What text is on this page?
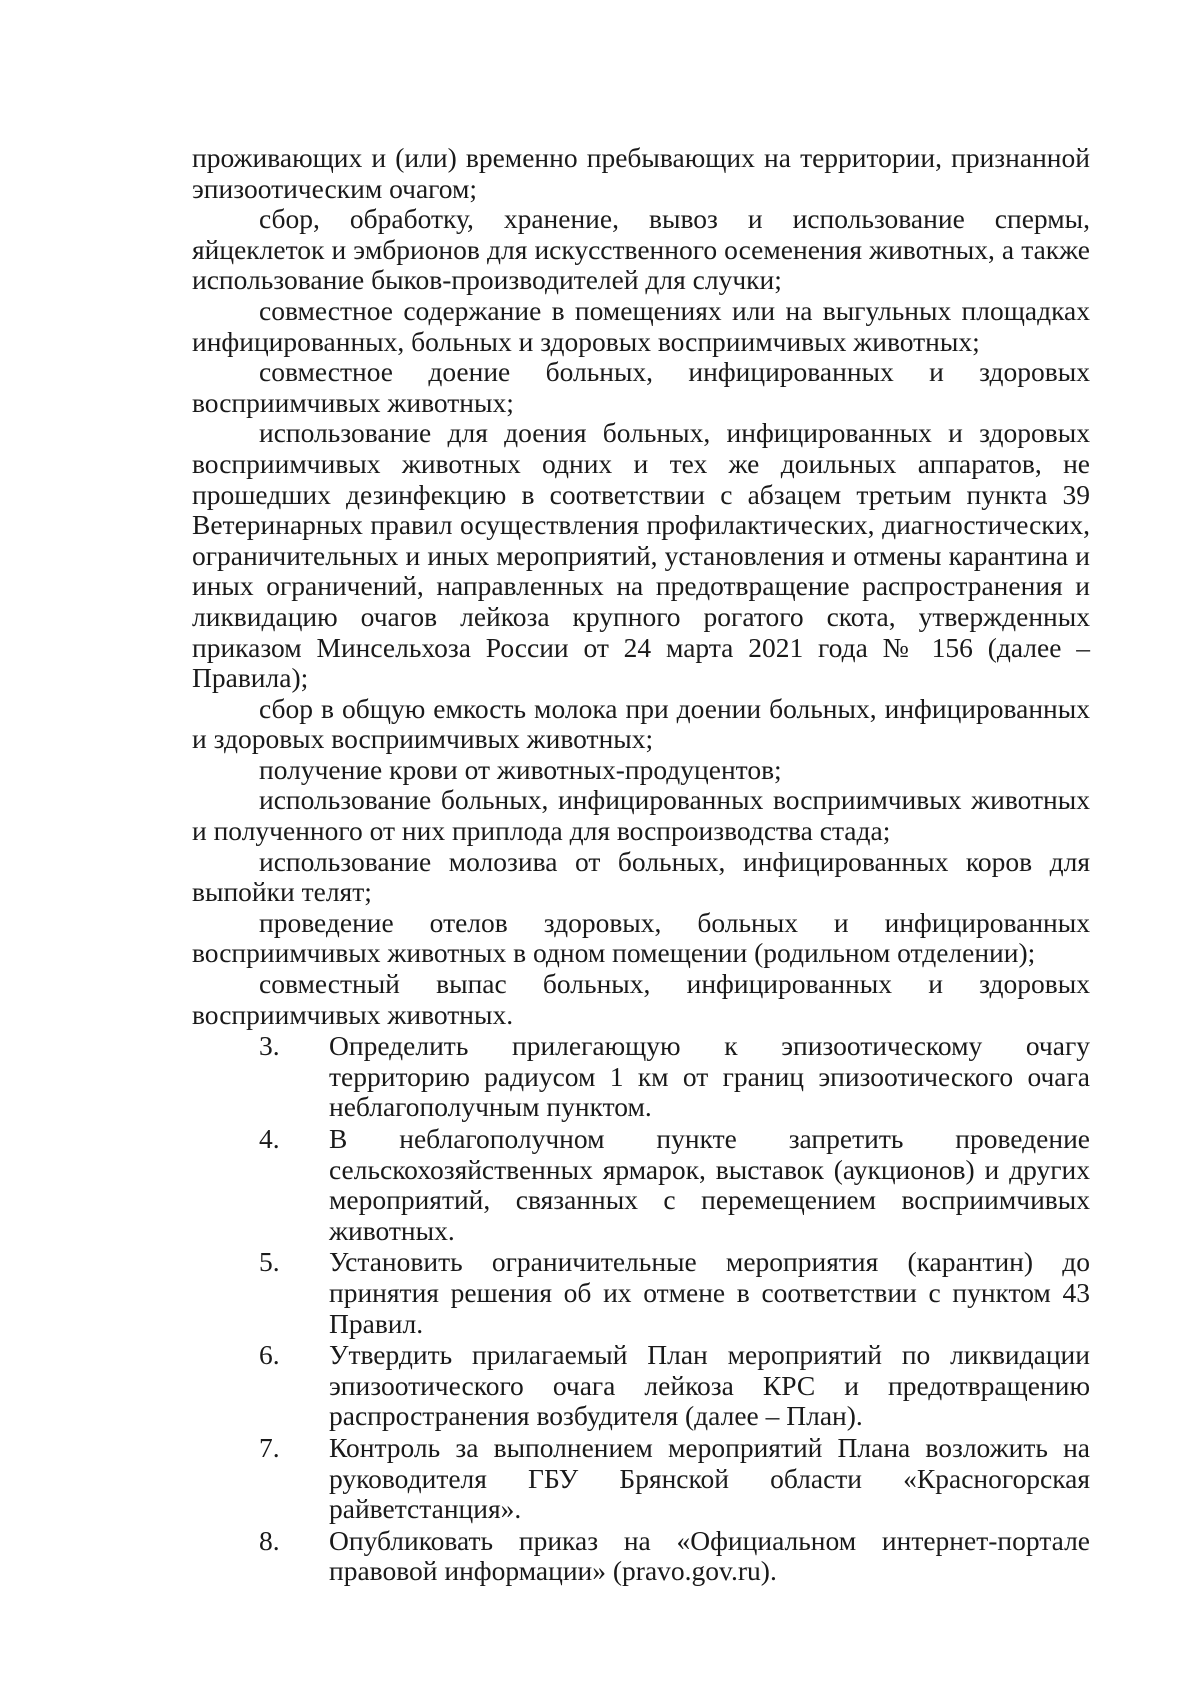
проживающих и (или) временно пребывающих на территории, признанной эпизоотическим очагом;

сбор, обработку, хранение, вывоз и использование спермы, яйцеклеток и эмбрионов для искусственного осеменения животных, а также использование быков-производителей для случки;

совместное содержание в помещениях или на выгульных площадках инфицированных, больных и здоровых восприимчивых животных;

совместное доение больных, инфицированных и здоровых восприимчивых животных;

использование для доения больных, инфицированных и здоровых восприимчивых животных одних и тех же доильных аппаратов, не прошедших дезинфекцию в соответствии с абзацем третьим пункта 39 Ветеринарных правил осуществления профилактических, диагностических, ограничительных и иных мероприятий, установления и отмены карантина и иных ограничений, направленных на предотвращение распространения и ликвидацию очагов лейкоза крупного рогатого скота, утвержденных приказом Минсельхоза России от 24 марта 2021 года № 156 (далее – Правила);

сбор в общую емкость молока при доении больных, инфицированных и здоровых восприимчивых животных;

получение крови от животных-продуцентов;

использование больных, инфицированных восприимчивых животных и полученного от них приплода для воспроизводства стада;

использование молозива от больных, инфицированных коров для выпойки телят;

проведение отелов здоровых, больных и инфицированных восприимчивых животных в одном помещении (родильном отделении);

совместный выпас больных, инфицированных и здоровых восприимчивых животных.

3.	Определить прилегающую к эпизоотическому очагу территорию радиусом 1 км от границ эпизоотического очага неблагополучным пунктом.
4.	В неблагополучном пункте запретить проведение сельскохозяйственных ярмарок, выставок (аукционов) и других мероприятий, связанных с перемещением восприимчивых животных.
5.	Установить ограничительные мероприятия (карантин) до принятия решения об их отмене в соответствии с пунктом 43 Правил.
6.	Утвердить прилагаемый План мероприятий по ликвидации эпизоотического очага лейкоза КРС и предотвращению распространения возбудителя (далее – План).
7.	Контроль за выполнением мероприятий Плана возложить на руководителя ГБУ Брянской области «Красногорская райветстанция».
8.	Опубликовать приказ на «Официальном интернет-портале правовой информации» (pravo.gov.ru).
